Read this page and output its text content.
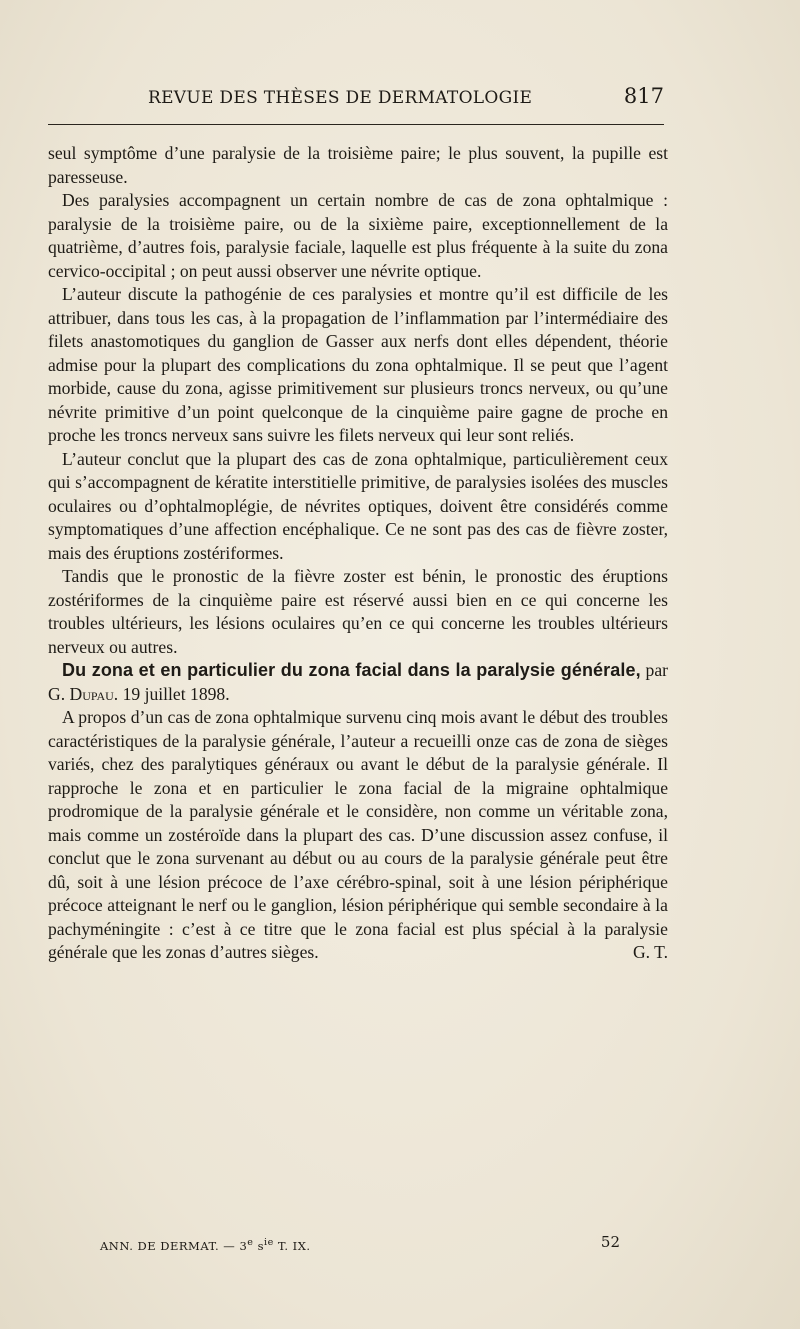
REVUE DES THÈSES DE DERMATOLOGIE	817

seul symptôme d’une paralysie de la troisième paire; le plus souvent, la pupille est paresseuse.

Des paralysies accompagnent un certain nombre de cas de zona ophtalmique : paralysie de la troisième paire, ou de la sixième paire, exceptionnellement de la quatrième, d’autres fois, paralysie faciale, laquelle est plus fréquente à la suite du zona cervico-occipital ; on peut aussi observer une névrite optique.

L’auteur discute la pathogénie de ces paralysies et montre qu’il est difficile de les attribuer, dans tous les cas, à la propagation de l’inflammation par l’intermédiaire des filets anastomotiques du ganglion de Gasser aux nerfs dont elles dépendent, théorie admise pour la plupart des complications du zona ophtalmique. Il se peut que l’agent morbide, cause du zona, agisse primitivement sur plusieurs troncs nerveux, ou qu’une névrite primitive d’un point quelconque de la cinquième paire gagne de proche en proche les troncs nerveux sans suivre les filets nerveux qui leur sont reliés.

L’auteur conclut que la plupart des cas de zona ophtalmique, particulièrement ceux qui s’accompagnent de kératite interstitielle primitive, de paralysies isolées des muscles oculaires ou d’ophtalmoplégie, de névrites optiques, doivent être considérés comme symptomatiques d’une affection encéphalique. Ce ne sont pas des cas de fièvre zoster, mais des éruptions zostériformes.

Tandis que le pronostic de la fièvre zoster est bénin, le pronostic des éruptions zostériformes de la cinquième paire est réservé aussi bien en ce qui concerne les troubles ultérieurs, les lésions oculaires qu’en ce qui concerne les troubles ultérieurs nerveux ou autres.

Du zona et en particulier du zona facial dans la paralysie générale, par G. Dupau. 19 juillet 1898.

A propos d’un cas de zona ophtalmique survenu cinq mois avant le début des troubles caractéristiques de la paralysie générale, l’auteur a recueilli onze cas de zona de sièges variés, chez des paralytiques généraux ou avant le début de la paralysie générale. Il rapproche le zona et en particulier le zona facial de la migraine ophtalmique prodromique de la paralysie générale et le considère, non comme un véritable zona, mais comme un zostéroïde dans la plupart des cas. D’une discussion assez confuse, il conclut que le zona survenant au début ou au cours de la paralysie générale peut être dû, soit à une lésion précoce de l’axe cérébro-spinal, soit à une lésion périphérique précoce atteignant le nerf ou le ganglion, lésion périphérique qui semble secondaire à la pachyméningite : c’est à ce titre que le zona facial est plus spécial à la paralysie générale que les zonas d’autres sièges.	G. T.

ANN. DE DERMAT. — 3e $s^{ie}$ T. IX.	52
